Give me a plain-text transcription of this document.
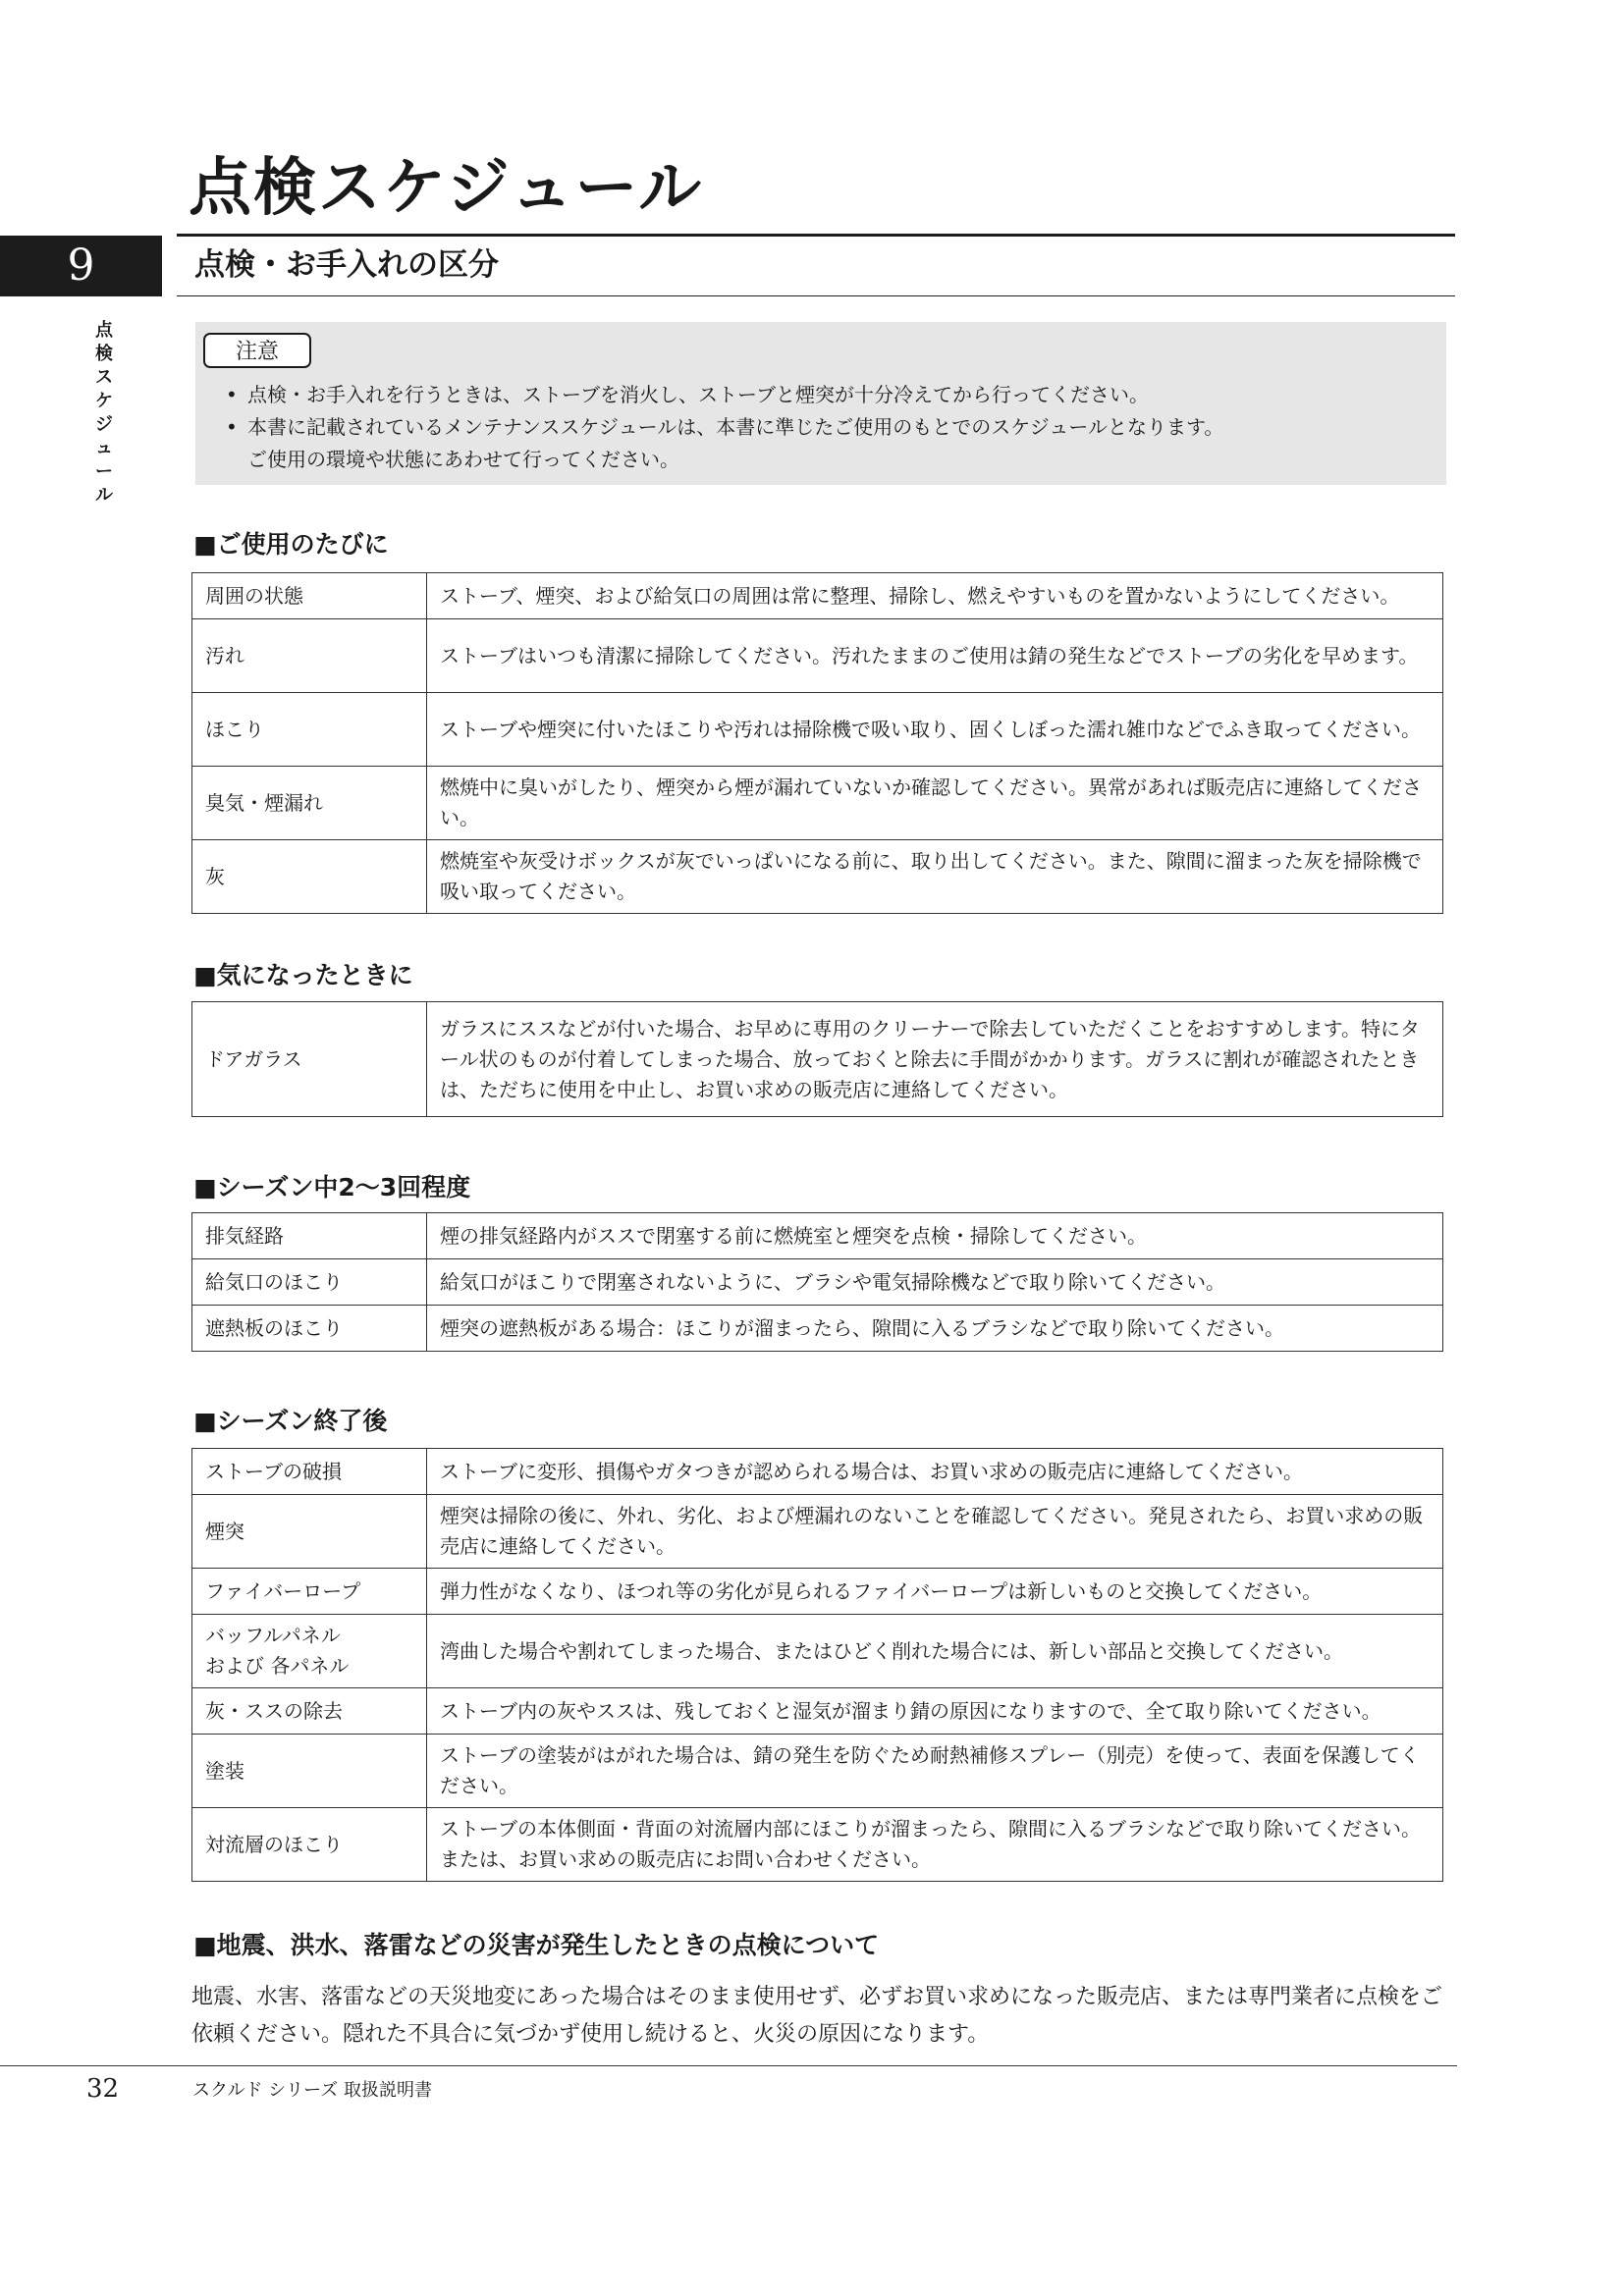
点検スケジュール
9	点検・お手入れの区分
点
検
ス
ケ
ジ
ュ
ー
ル
注意
• 点検・お手入れを行うときは、ストーブを消火し、ストーブと煙突が十分冷えてから行ってください。
• 本書に記載されているメンテナンススケジュールは、本書に準じたご使用のもとでのスケジュールとなります。
ご使用の環境や状態にあわせて行ってください。
■ご使用のたびに
周囲の状態	ストーブ、煙突、および給気口の周囲は常に整理、掃除し、燃えやすいものを置かないようにしてください。
汚れ	ストーブはいつも清潔に掃除してください。汚れたままのご使用は錆の発生などでストーブの劣化を早めます。
ほこり	ストーブや煙突に付いたほこりや汚れは掃除機で吸い取り、固くしぼった濡れ雑巾などでふき取ってください。
臭気・煙漏れ	燃焼中に臭いがしたり、煙突から煙が漏れていないか確認してください。異常があれば販売店に連絡してください。
灰	燃焼室や灰受けボックスが灰でいっぱいになる前に、取り出してください。また、隙間に溜まった灰を掃除機で吸い取ってください。
■気になったときに
ドアガラス	ガラスにススなどが付いた場合、お早めに専用のクリーナーで除去していただくことをおすすめします。特にタール状のものが付着してしまった場合、放っておくと除去に手間がかかります。ガラスに割れが確認されたときは、ただちに使用を中止し、お買い求めの販売店に連絡してください。
■シーズン中2～3回程度
排気経路	煙の排気経路内がススで閉塞する前に燃焼室と煙突を点検・掃除してください。
給気口のほこり	給気口がほこりで閉塞されないように、ブラシや電気掃除機などで取り除いてください。
遮熱板のほこり	煙突の遮熱板がある場合：ほこりが溜まったら、隙間に入るブラシなどで取り除いてください。
■シーズン終了後
ストーブの破損	ストーブに変形、損傷やガタつきが認められる場合は、お買い求めの販売店に連絡してください。
煙突	煙突は掃除の後に、外れ、劣化、および煙漏れのないことを確認してください。発見されたら、お買い求めの販売店に連絡してください。
ファイバーロープ	弾力性がなくなり、ほつれ等の劣化が見られるファイバーロープは新しいものと交換してください。
バッフルパネル
および 各パネル	湾曲した場合や割れてしまった場合、またはひどく削れた場合には、新しい部品と交換してください。
灰・ススの除去	ストーブ内の灰やススは、残しておくと湿気が溜まり錆の原因になりますので、全て取り除いてください。
塗装	ストーブの塗装がはがれた場合は、錆の発生を防ぐため耐熱補修スプレー（別売）を使って、表面を保護してください。
対流層のほこり	ストーブの本体側面・背面の対流層内部にほこりが溜まったら、隙間に入るブラシなどで取り除いてください。または、お買い求めの販売店にお問い合わせください。
■地震、洪水、落雷などの災害が発生したときの点検について
地震、水害、落雷などの天災地変にあった場合はそのまま使用せず、必ずお買い求めになった販売店、または専門業者に点検をご依頼ください。隠れた不具合に気づかず使用し続けると、火災の原因になります。
32	スクルド シリーズ 取扱説明書
